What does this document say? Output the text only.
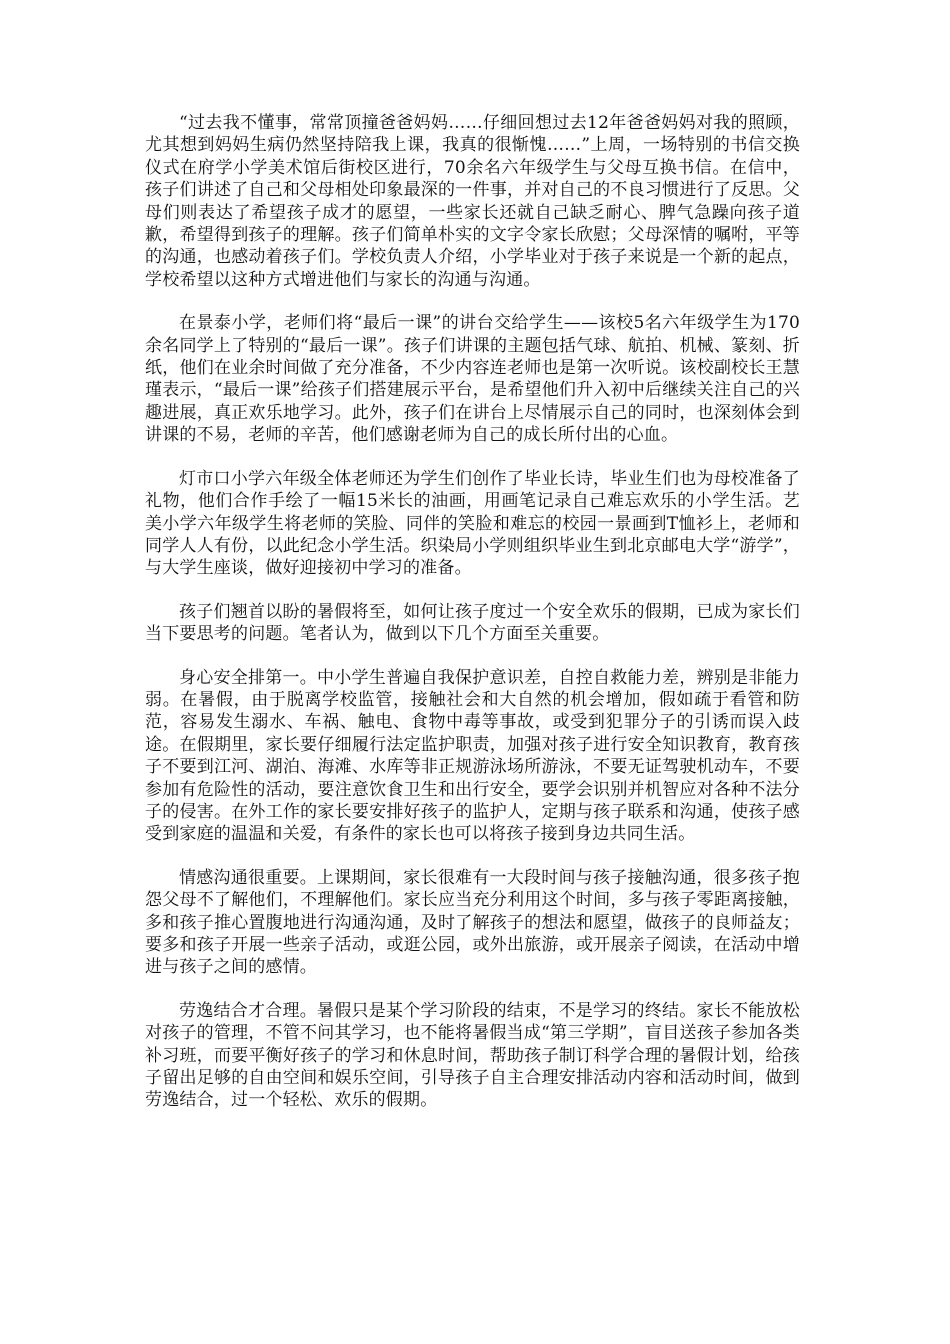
“过去我不懂事，常常顶撞爸爸妈妈……仔细回想过去12年爸爸妈妈对我的照顾，尤其想到妈妈生病仍然坚持陪我上课，我真的很惭愧……”上周，一场特别的书信交换仪式在府学小学美术馆后街校区进行，70余名六年级学生与父母互换书信。在信中，孩子们讲述了自己和父母相处印象最深的一件事，并对自己的不良习惯进行了反思。父母们则表达了希望孩子成才的愿望，一些家长还就自己缺乏耐心、脾气急躁向孩子道歉，希望得到孩子的理解。孩子们简单朴实的文字令家长欣慰；父母深情的嘱咐，平等的沟通，也感动着孩子们。学校负责人介绍，小学毕业对于孩子来说是一个新的起点，学校希望以这种方式增进他们与家长的沟通与沟通。

在景泰小学，老师们将“最后一课”的讲台交给学生——该校5名六年级学生为170余名同学上了特别的“最后一课”。孩子们讲课的主题包括气球、航拍、机械、篆刻、折纸，他们在业余时间做了充分准备，不少内容连老师也是第一次听说。该校副校长王慧瑾表示，“最后一课”给孩子们搭建展示平台，是希望他们升入初中后继续关注自己的兴趣进展，真正欢乐地学习。此外，孩子们在讲台上尽情展示自己的同时，也深刻体会到讲课的不易，老师的辛苦，他们感谢老师为自己的成长所付出的心血。

灯市口小学六年级全体老师还为学生们创作了毕业长诗，毕业生们也为母校准备了礼物，他们合作手绘了一幅15米长的油画，用画笔记录自己难忘欢乐的小学生活。艺美小学六年级学生将老师的笑脸、同伴的笑脸和难忘的校园一景画到T恤衫上，老师和同学人人有份，以此纪念小学生活。织染局小学则组织毕业生到北京邮电大学“游学”，与大学生座谈，做好迎接初中学习的准备。

孩子们翘首以盼的暑假将至，如何让孩子度过一个安全欢乐的假期，已成为家长们当下要思考的问题。笔者认为，做到以下几个方面至关重要。

身心安全排第一。中小学生普遍自我保护意识差，自控自救能力差，辨别是非能力弱。在暑假，由于脱离学校监管，接触社会和大自然的机会增加，假如疏于看管和防范，容易发生溺水、车祸、触电、食物中毒等事故，或受到犯罪分子的引诱而误入歧途。在假期里，家长要仔细履行法定监护职责，加强对孩子进行安全知识教育，教育孩子不要到江河、湖泊、海滩、水库等非正规游泳场所游泳，不要无证驾驶机动车，不要参加有危险性的活动，要注意饮食卫生和出行安全，要学会识别并机智应对各种不法分子的侵害。在外工作的家长要安排好孩子的监护人，定期与孩子联系和沟通，使孩子感受到家庭的温温和关爱，有条件的家长也可以将孩子接到身边共同生活。

情感沟通很重要。上课期间，家长很难有一大段时间与孩子接触沟通，很多孩子抱怨父母不了解他们，不理解他们。家长应当充分利用这个时间，多与孩子零距离接触，多和孩子推心置腹地进行沟通沟通，及时了解孩子的想法和愿望，做孩子的良师益友；要多和孩子开展一些亲子活动，或逛公园，或外出旅游，或开展亲子阅读，在活动中增进与孩子之间的感情。

劳逸结合才合理。暑假只是某个学习阶段的结束，不是学习的终结。家长不能放松对孩子的管理，不管不问其学习，也不能将暑假当成“第三学期”，盲目送孩子参加各类补习班，而要平衡好孩子的学习和休息时间，帮助孩子制订科学合理的暑假计划，给孩子留出足够的自由空间和娱乐空间，引导孩子自主合理安排活动内容和活动时间，做到劳逸结合，过一个轻松、欢乐的假期。
